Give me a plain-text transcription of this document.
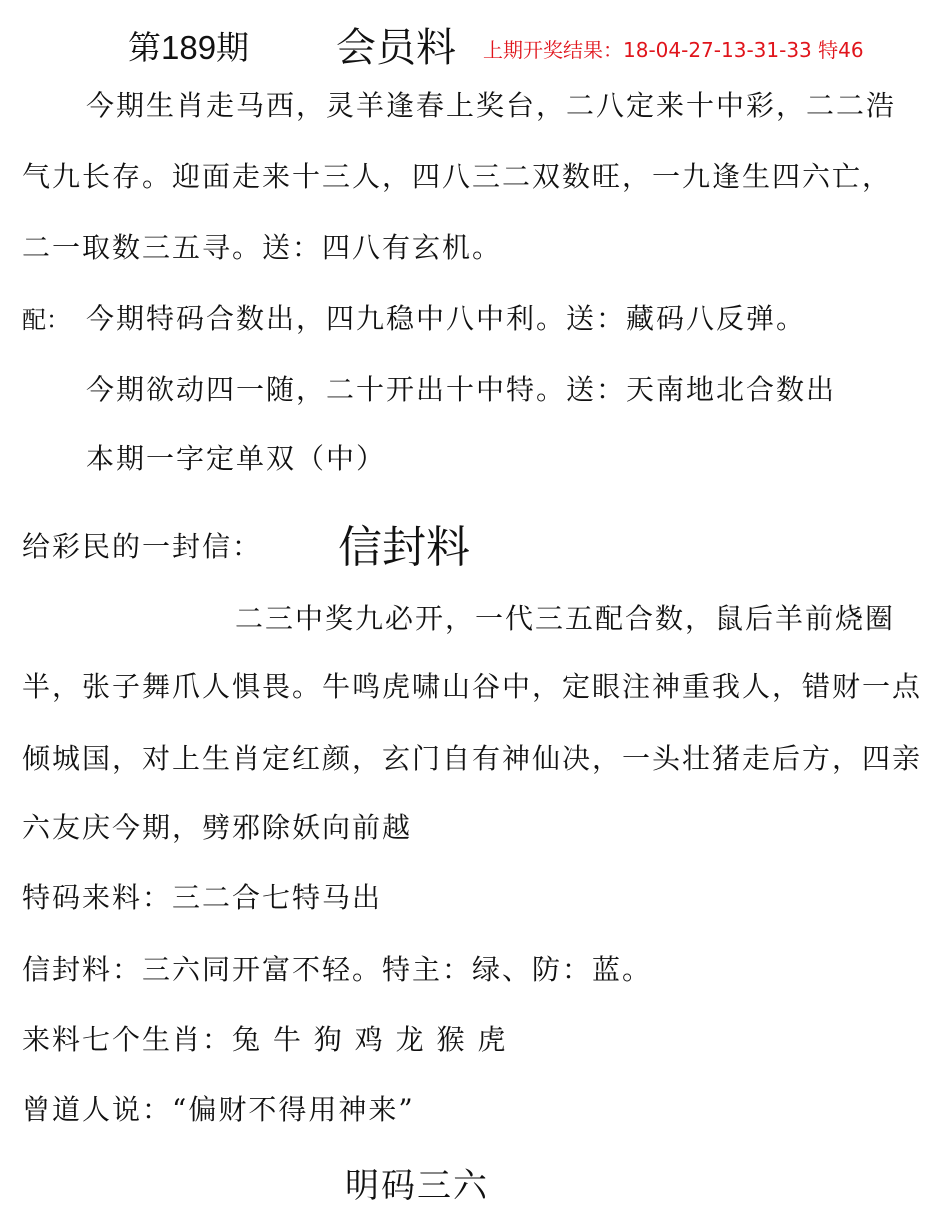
第189期 会员料 上期开奖结果：18-04-27-13-31-33 特46
今期生肖走马西，灵羊逢春上奖台，二八定来十中彩，二二浩
气九长存。迎面走来十三人，四八三二双数旺，一九逢生四六亡，
二一取数三五寻。送：四八有玄机。
配： 今期特码合数出，四九稳中八中利。送：藏码八反弹。
今期欲动四一随，二十开出十中特。送：天南地北合数出
本期一字定单双（中）
给彩民的一封信： 信封料
二三中奖九必开，一代三五配合数，鼠后羊前烧圈
半，张子舞爪人惧畏。牛鸣虎啸山谷中，定眼注神重我人，错财一点
倾城国，对上生肖定红颜，玄门自有神仙决，一头壮猪走后方，四亲
六友庆今期，劈邪除妖向前越
特码来料：三二合七特马出
信封料：三六同开富不轻。特主：绿、防：蓝。
来料七个生肖：兔 牛 狗 鸡 龙 猴 虎
曾道人说：“偏财不得用神来”
明码三六
